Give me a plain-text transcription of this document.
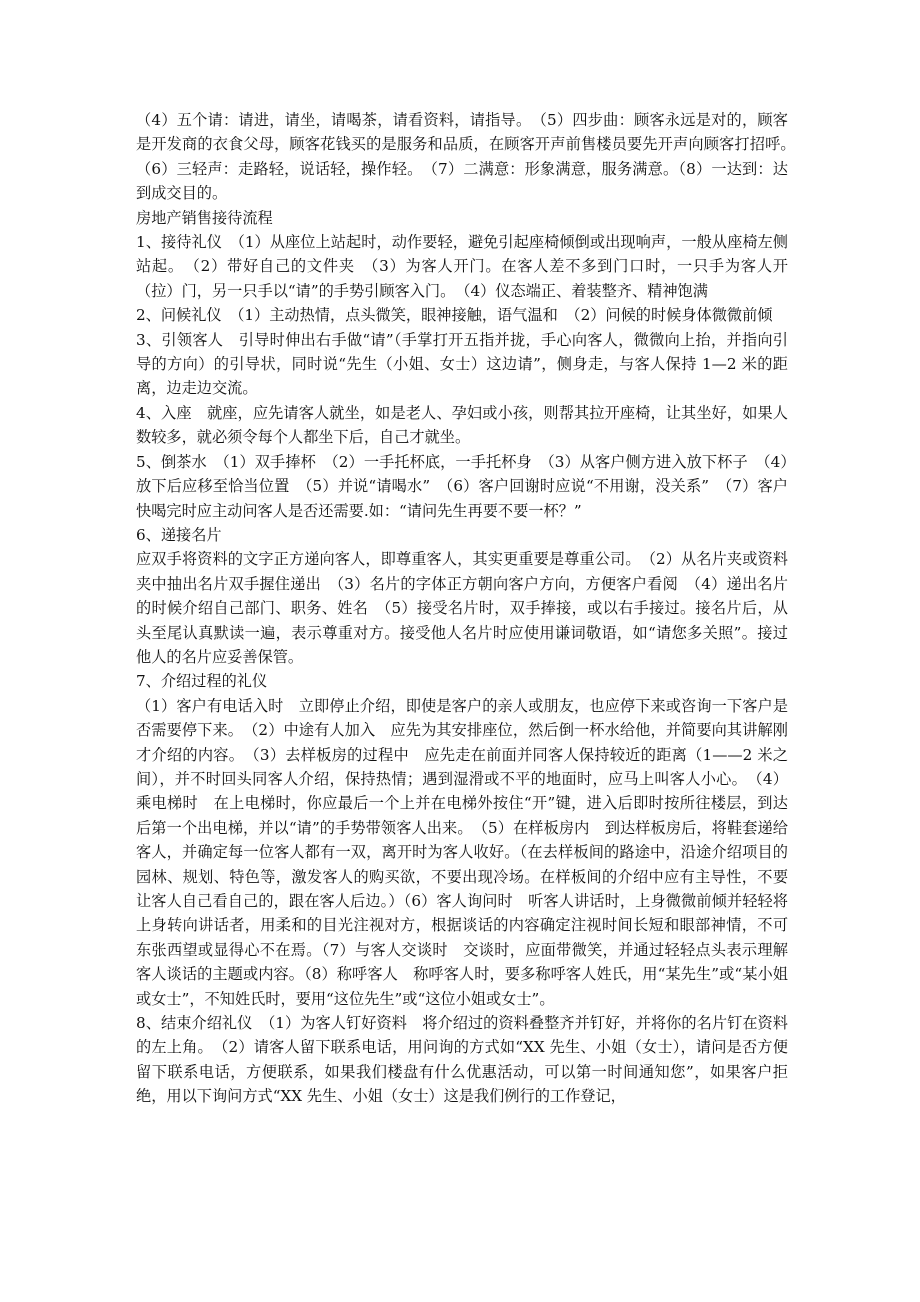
（4）五个请：请进，请坐，请喝茶，请看资料，请指导。　（5）四步曲：顾客永远是对的，顾客是开发商的衣食父母，顾客花钱买的是服务和品质，在顾客开声前售楼员要先开声向顾客打招呼。　（6）三轻声：走路轻，说话轻，操作轻。　（7）二满意：形象满意，服务满意。（8）一达到：达到成交目的。

房地产销售接待流程

1、接待礼仪　（1）从座位上站起时，动作要轻，避免引起座椅倾倒或出现响声，一般从座椅左侧站起。　（2）带好自己的文件夹　（3）为客人开门。在客人差不多到门口时，一只手为客人开（拉）门，另一只手以“请”的手势引顾客入门。　（4）仪态端正、着装整齐、精神饱满

2、问候礼仪　（1）主动热情，点头微笑，眼神接触，语气温和　（2）问候的时候身体微微前倾

3、引领客人　引导时伸出右手做“请”（手掌打开五指并拢，手心向客人，微微向上抬，并指向引导的方向）的引导状，同时说“先生（小姐、女士）这边请”，侧身走，与客人保持 1—2 米的距离，边走边交流。

4、入座　就座，应先请客人就坐，如是老人、孕妇或小孩，则帮其拉开座椅，让其坐好，如果人数较多，就必须令每个人都坐下后，自己才就坐。

5、倒茶水　（1）双手捧杯　（2）一手托杯底，一手托杯身　（3）从客户侧方进入放下杯子　（4）放下后应移至恰当位置　（5）并说“请喝水”　（6）客户回谢时应说“不用谢，没关系”　（7）客户快喝完时应主动问客人是否还需要.如：“请问先生再要不要一杯？”

6、递接名片

应双手将资料的文字正方递向客人，即尊重客人，其实更重要是尊重公司。　（2）从名片夹或资料夹中抽出名片双手握住递出　（3）名片的字体正方朝向客户方向，方便客户看阅　（4）递出名片的时候介绍自己部门、职务、姓名　（5）接受名片时，双手捧接，或以右手接过。接名片后，从头至尾认真默读一遍，表示尊重对方。接受他人名片时应使用谦词敬语，如“请您多关照”。接过他人的名片应妥善保管。

7、介绍过程的礼仪

（1）客户有电话入时　立即停止介绍，即使是客户的亲人或朋友，也应停下来或咨询一下客户是否需要停下来。　（2）中途有人加入　应先为其安排座位，然后倒一杯水给他，并简要向其讲解刚才介绍的内容。　（3）去样板房的过程中　应先走在前面并同客人保持较近的距离（1——2 米之间），并不时回头同客人介绍，保持热情；遇到湿滑或不平的地面时，应马上叫客人小心。　（4）乘电梯时　在上电梯时，你应最后一个上并在电梯外按住“开”键，进入后即时按所往楼层，到达后第一个出电梯，并以“请”的手势带领客人出来。　（5）在样板房内　到达样板房后，将鞋套递给客人，并确定每一位客人都有一双，离开时为客人收好。（在去样板间的路途中，沿途介绍项目的园林、规划、特色等，激发客人的购买欲，不要出现冷场。在样板间的介绍中应有主导性，不要让客人自己看自己的，跟在客人后边。）（6）客人询问时　听客人讲话时，上身微微前倾并轻轻将上身转向讲话者，用柔和的目光注视对方，根据谈话的内容确定注视时间长短和眼部神情，不可东张西望或显得心不在焉。（7）与客人交谈时　交谈时，应面带微笑，并通过轻轻点头表示理解客人谈话的主题或内容。（8）称呼客人　称呼客人时，要多称呼客人姓氏，用“某先生”或“某小姐或女士”，不知姓氏时，要用“这位先生”或“这位小姐或女士”。

8、结束介绍礼仪　（1）为客人钉好资料　将介绍过的资料叠整齐并钉好，并将你的名片钉在资料的左上角。　（2）请客人留下联系电话，用问询的方式如“XX 先生、小姐（女士），请问是否方便留下联系电话，方便联系，如果我们楼盘有什么优惠活动，可以第一时间通知您”，如果客户拒绝，用以下询问方式“XX 先生、小姐（女士）这是我们例行的工作登记，
